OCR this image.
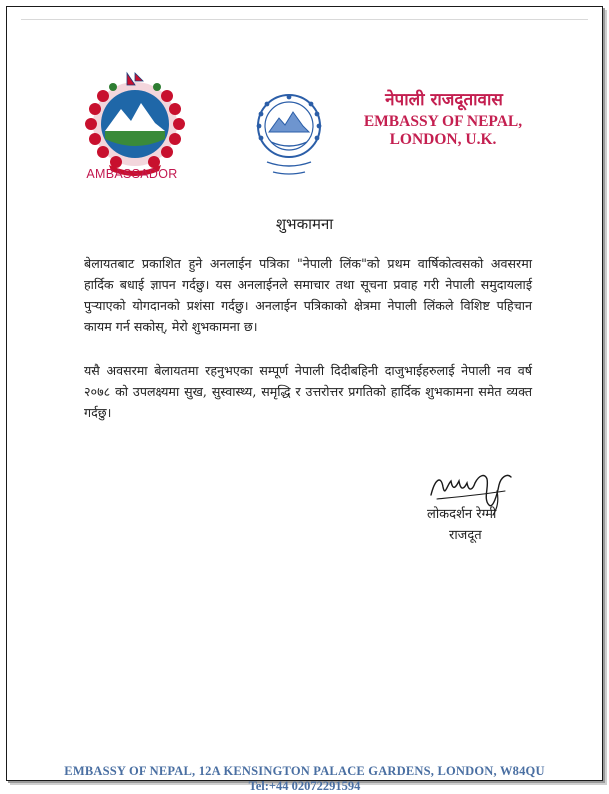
AMBASSADOR
नेपाली राजदूतावास
EMBASSY OF NEPAL,
LONDON, U.K.
शुभकामना
बेलायतबाट प्रकाशित हुने अनलाईन पत्रिका "नेपाली लिंक"को प्रथम वार्षिकोत्वसको अवसरमा हार्दिक बधाई ज्ञापन गर्दछु। यस अनलाईनले समाचार तथा सूचना प्रवाह गरी नेपाली समुदायलाई पुऱ्याएको योगदानको प्रशंसा गर्दछु। अनलाईन पत्रिकाको क्षेत्रमा नेपाली लिंकले विशिष्ट पहिचान कायम गर्न सकोस्, मेरो शुभकामना छ।
यसै अवसरमा बेलायतमा रहनुभएका सम्पूर्ण नेपाली दिदीबहिनी दाजुभाईहरुलाई नेपाली नव वर्ष २०७८ को उपलक्ष्यमा सुख, सुस्वास्थ्य, समृद्धि र उत्तरोत्तर प्रगतिको हार्दिक शुभकामना समेत व्यक्त गर्दछु।
लोकदर्शन रेग्मी
राजदूत
EMBASSY OF NEPAL, 12A KENSINGTON PALACE GARDENS, LONDON, W84QU
Tel:+44 02072291594
